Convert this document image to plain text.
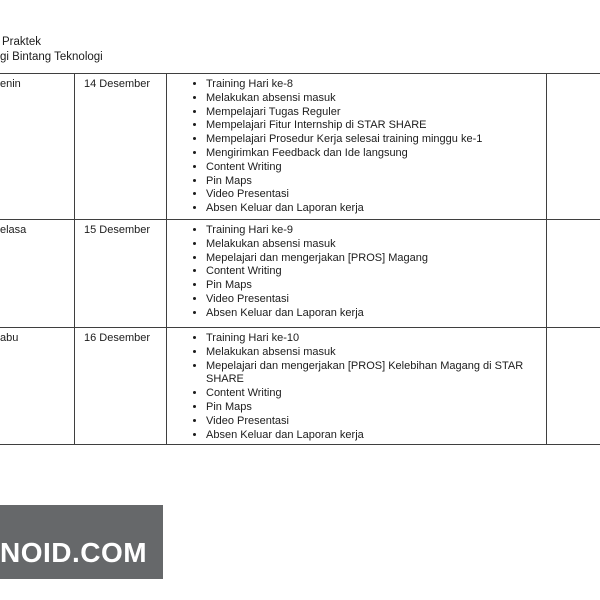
Praktek
gi Bintang Teknologi
enin	14 Desember	• Training Hari ke-8
• Melakukan absensi masuk
• Mempelajari Tugas Reguler
• Mempelajari Fitur Internship di STAR SHARE
• Mempelajari Prosedur Kerja selesai training minggu ke-1
• Mengirimkan Feedback dan Ide langsung
• Content Writing
• Pin Maps
• Video Presentasi
• Absen Keluar dan Laporan kerja
elasa	15 Desember	• Training Hari ke-9
• Melakukan absensi masuk
• Mepelajari dan mengerjakan [PROS] Magang
• Content Writing
• Pin Maps
• Video Presentasi
• Absen Keluar dan Laporan kerja
abu	16 Desember	• Training Hari ke-10
• Melakukan absensi masuk
• Mepelajari dan mengerjakan [PROS] Kelebihan Magang di STAR SHARE
• Content Writing
• Pin Maps
• Video Presentasi
• Absen Keluar dan Laporan kerja
NOID.COM
